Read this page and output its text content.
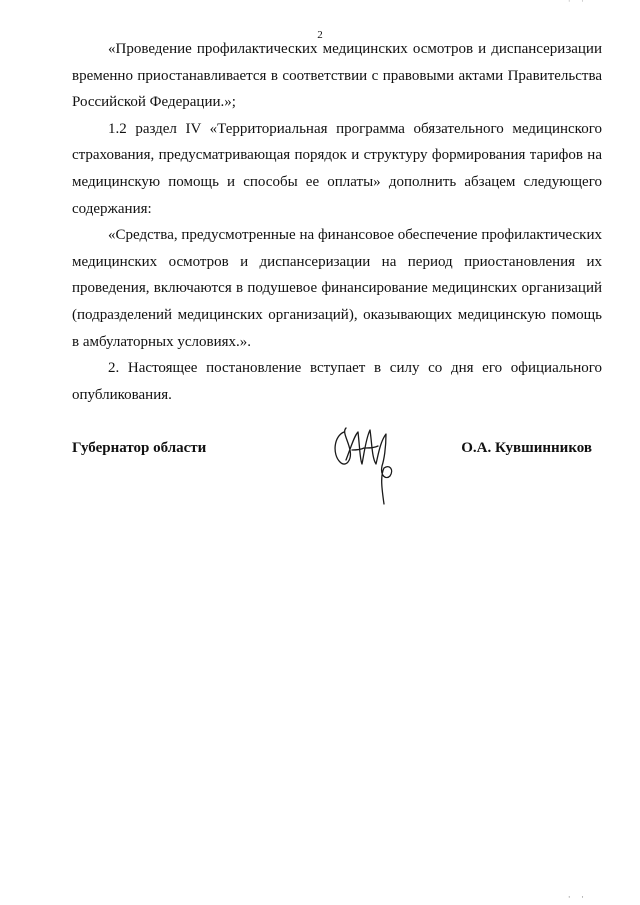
· ·
2

«Проведение профилактических медицинских осмотров и диспансеризации временно приостанавливается в соответствии с правовыми актами Правительства Российской Федерации.»;

1.2 раздел IV «Территориальная программа обязательного медицинского страхования, предусматривающая порядок и структуру формирования тарифов на медицинскую помощь и способы ее оплаты» дополнить абзацем следующего содержания:

«Средства, предусмотренные на финансовое обеспечение профилактических медицинских осмотров и диспансеризации на период приостановления их проведения, включаются в подушевое финансирование медицинских организаций (подразделений медицинских организаций), оказывающих медицинскую помощь в амбулаторных условиях.».

2. Настоящее постановление вступает в силу со дня его официального опубликования.

Губернатор области	О.А. Кувшинников
· ·
